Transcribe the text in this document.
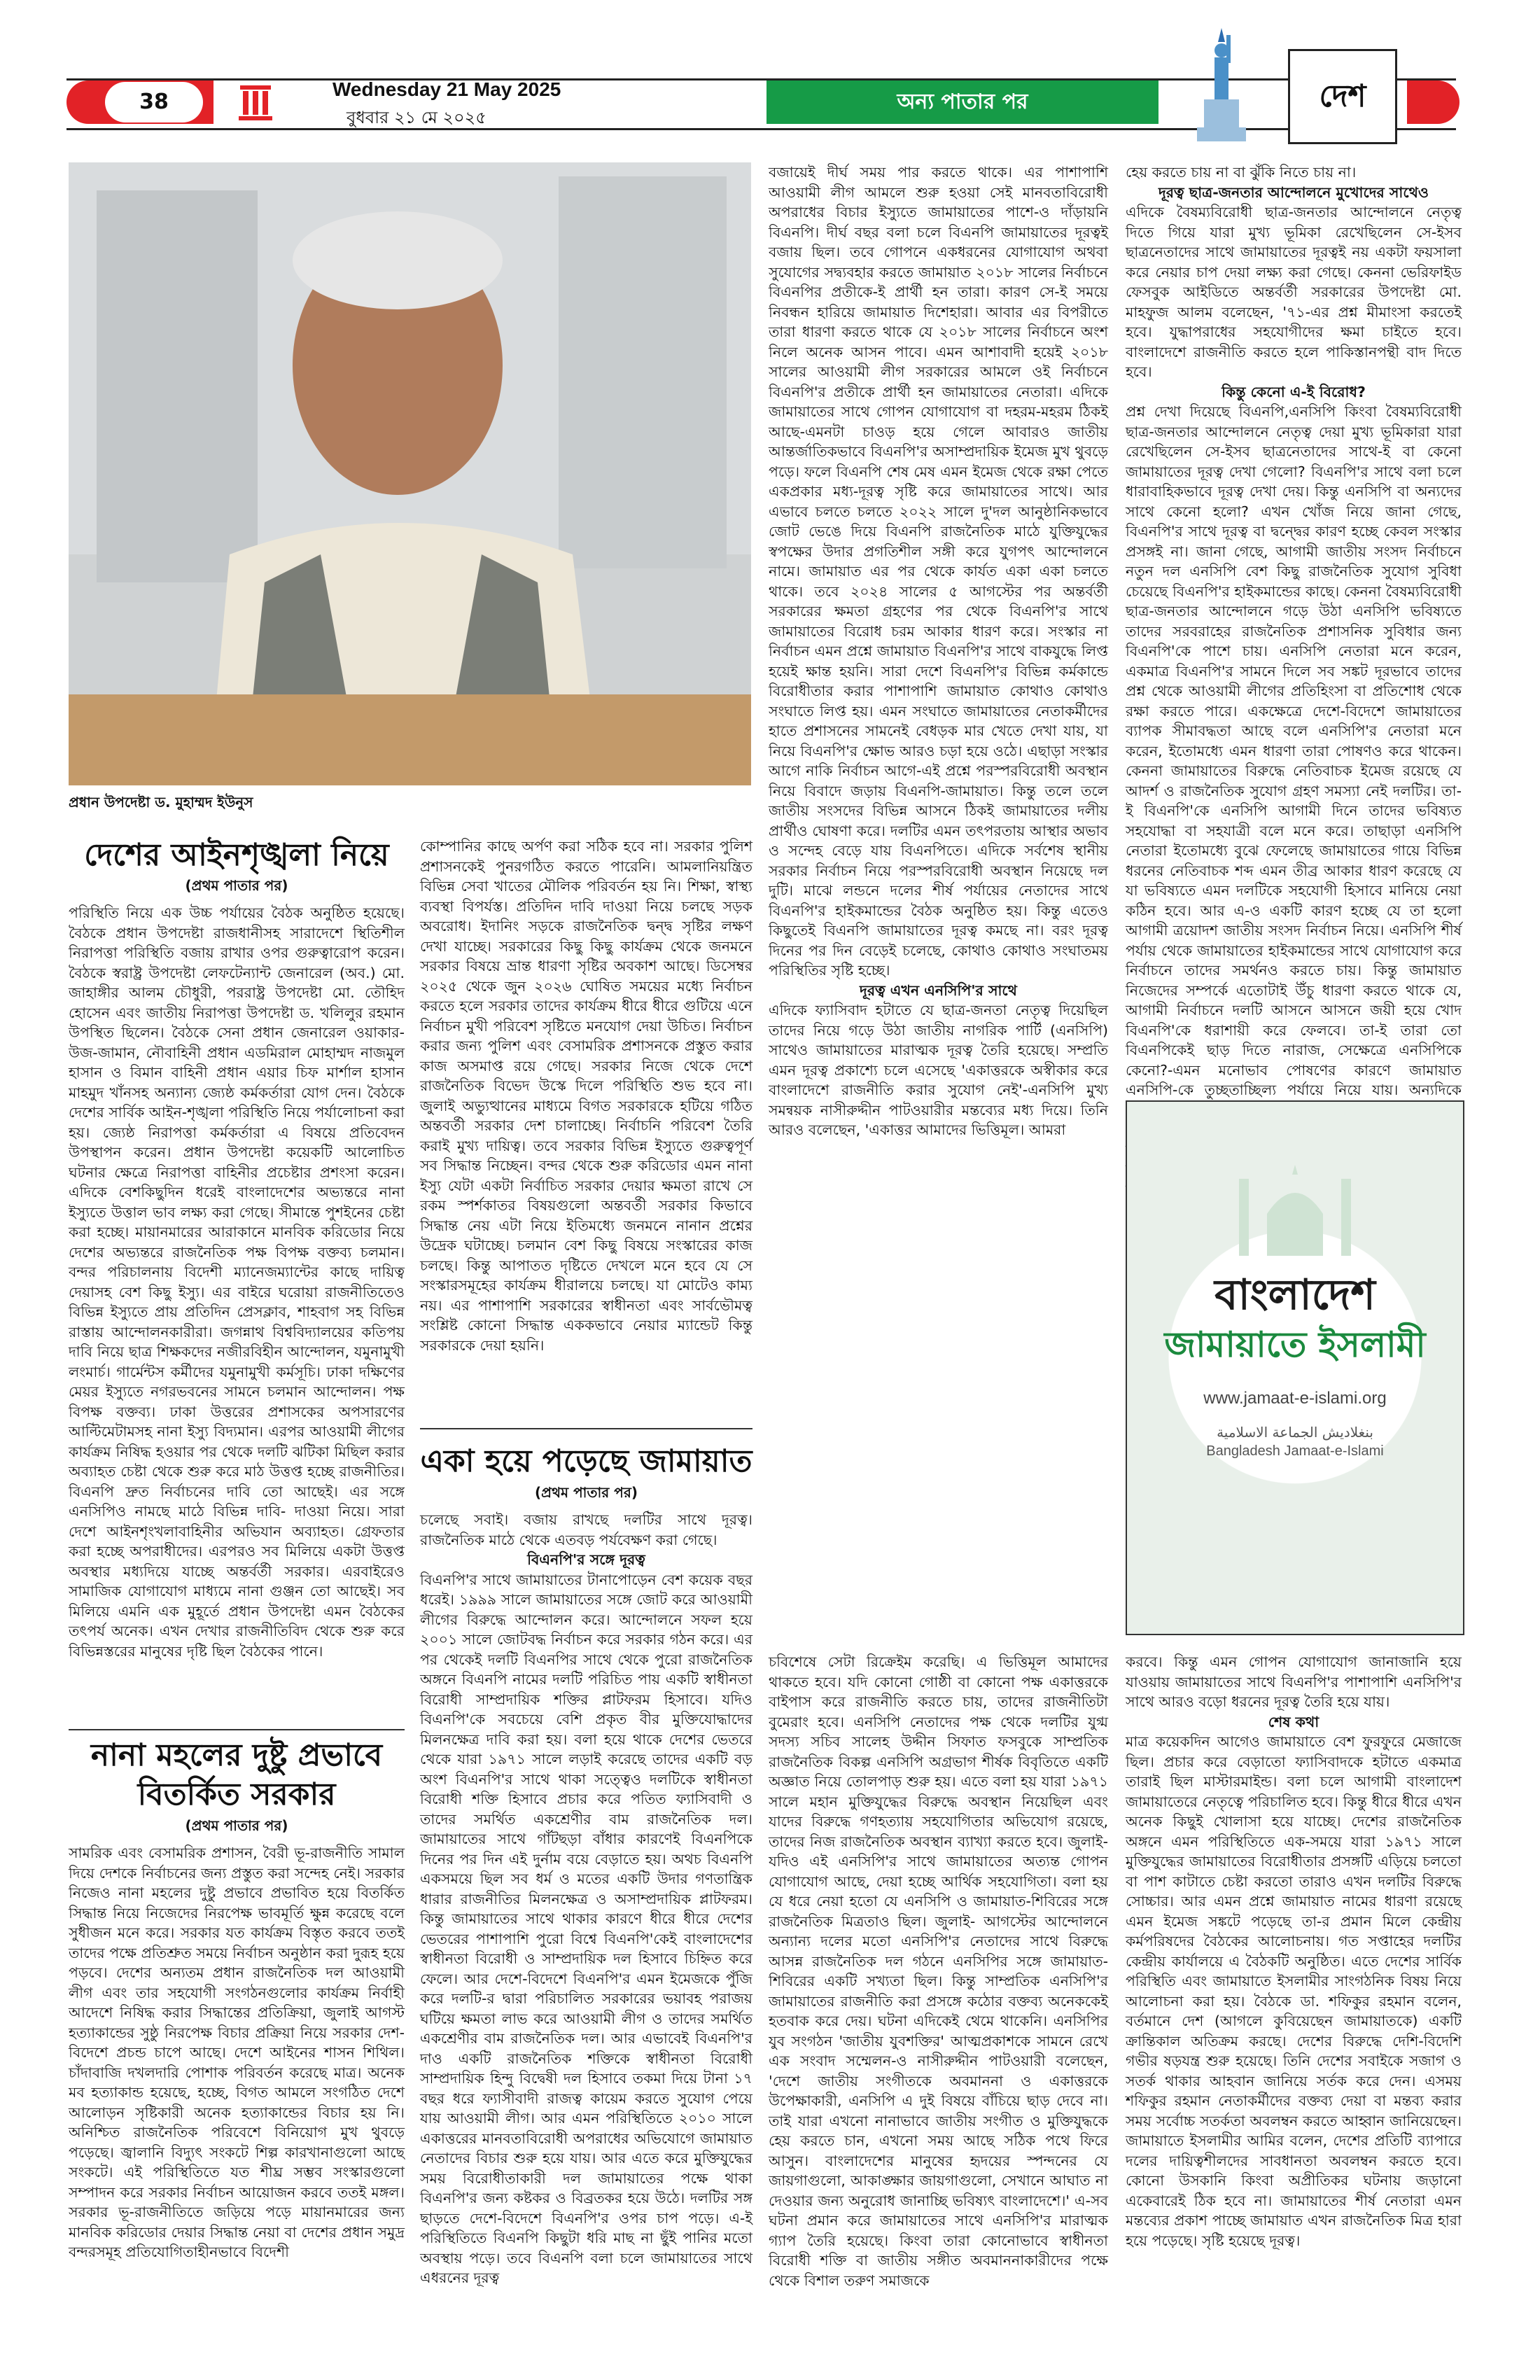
38
Wednesday 21 May 2025
বুধবার ২১ মে ২০২৫
অন্য পাতার পর	দেশ
প্রধান উপদেষ্টা ড. মুহাম্মদ ইউনুস
দেশের আইনশৃঙ্খলা নিয়ে
(প্রথম পাতার পর)

পরিস্থিতি নিয়ে এক উচ্চ পর্যায়ের বৈঠক অনুষ্ঠিত হয়েছে। বৈঠকে প্রধান উপদেষ্টা রাজধানীসহ সারাদেশে স্থিতিশীল নিরাপত্তা পরিস্থিতি বজায় রাখার ওপর গুরুত্বারোপ করেন। বৈঠকে স্বরাষ্ট্র উপদেষ্টা লেফটেন্যান্ট জেনারেল (অব.) মো. জাহাঙ্গীর আলম চৌধুরী, পররাষ্ট্র উপদেষ্টা মো. তৌহিদ হোসেন এবং জাতীয় নিরাপত্তা উপদেষ্টা ড. খলিলুর রহমান উপস্থিত ছিলেন। বৈঠকে সেনা প্রধান জেনারেল ওয়াকার-উজ-জামান, নৌবাহিনী প্রধান এডমিরাল মোহাম্মদ নাজমুল হাসান ও বিমান বাহিনী প্রধান এয়ার চিফ মার্শাল হাসান মাহমুদ খাঁনসহ অন্যান্য জ্যেষ্ঠ কর্মকর্তারা যোগ দেন। বৈঠকে দেশের সার্বিক আইন-শৃঙ্খলা পরিস্থিতি নিয়ে পর্যালোচনা করা হয়। জ্যেষ্ঠ নিরাপত্তা কর্মকর্তারা এ বিষয়ে প্রতিবেদন উপস্থাপন করেন। প্রধান উপদেষ্টা কয়েকটি আলোচিত ঘটনার ক্ষেত্রে নিরাপত্তা বাহিনীর প্রচেষ্টার প্রশংসা করেন। এদিকে বেশকিছুদিন ধরেই বাংলাদেশের অভ্যন্তরে নানা ইস্যুতে উত্তাল ভাব লক্ষ্য করা গেছে। সীমান্তে পুশইনের চেষ্টা করা হচ্ছে। মায়ানমারের আরাকানে মানবিক করিডোর নিয়ে দেশের অভ্যন্তরে রাজনৈতিক পক্ষ বিপক্ষ বক্তব্য চলমান। বন্দর পরিচালনায় বিদেশী ম্যানেজম্যান্টের কাছে দায়িত্ব দেয়াসহ বেশ কিছু ইস্যু। এর বাইরে ঘরোয়া রাজনীতিতেও বিভিন্ন ইস্যুতে প্রায় প্রতিদিন প্রেসক্লাব, শাহবাগ সহ বিভিন্ন রাস্তায় আন্দোলনকারীরা। জগন্নাথ বিশ্ববিদ্যালয়ের কতিপয় দাবি নিয়ে ছাত্র শিক্ষকদের নজীরবিহীন আন্দোলন, যমুনামুখী লংমার্চ। গার্মেন্টস কর্মীদের যমুনামুখী কর্মসূচি। ঢাকা দক্ষিণের মেয়র ইস্যুতে নগরভবনের সামনে চলমান আন্দোলন। পক্ষ বিপক্ষ বক্তব্য। ঢাকা উত্তরের প্রশাসকের অপসারণের আল্টিমেটামসহ নানা ইস্যু বিদ্যমান। এরপর আওয়ামী লীগের কার্যক্রম নিষিদ্ধ হওয়ার পর থেকে দলটি ঝটিকা মিছিল করার অব্যাহত চেষ্টা থেকে শুরু করে মাঠ উত্তপ্ত হচ্ছে রাজনীতির। বিএনপি দ্রুত নির্বাচনের দাবি তো আছেই। এর সঙ্গে এনসিপিও নামছে মাঠে বিভিন্ন দাবি- দাওয়া নিয়ে। সারা দেশে আইনশৃংখলাবাহিনীর অভিযান অব্যাহত। গ্রেফতার করা হচ্ছে অপরাধীদের। এরপরও সব মিলিয়ে একটা উত্তপ্ত অবস্থার মধ্যদিয়ে যাচ্ছে অন্তর্বর্তী সরকার। এরবাইরেও সামাজিক যোগাযোগ মাধ্যমে নানা গুঞ্জন তো আছেই। সব মিলিয়ে এমনি এক মুহূর্তে প্রধান উপদেষ্টা এমন বৈঠকের তৎপর্য অনেক। এখন দেখার রাজনীতিবিদ থেকে শুরু করে বিভিন্নস্তরের মানুষের দৃষ্টি ছিল বৈঠকের পানে।

নানা মহলের দুষ্টু প্রভাবে
বিতর্কিত সরকার
(প্রথম পাতার পর)

সামরিক এবং বেসামরিক প্রশাসন, বৈরী ভূ-রাজনীতি সামাল দিয়ে দেশকে নির্বাচনের জন্য প্রস্তুত করা সন্দেহ নেই। সরকার নিজেও নানা মহলের দুষ্টু প্রভাবে প্রভাবিত হয়ে বিতর্কিত সিদ্ধান্ত নিয়ে নিজেদের নিরপেক্ষ ভাবমূর্তি ক্ষুন্ন করেছে বলে সুধীজন মনে করে। সরকার যত কার্যক্রম বিস্তৃত করবে ততই তাদের পক্ষে প্রতিশ্রুত সময়ে নির্বাচন অনুষ্ঠান করা দুরূহ হয়ে পড়বে। দেশের অন্যতম প্রধান রাজনৈতিক দল আওয়ামী লীগ এবং তার সহযোগী সংগঠনগুলোর কার্যক্রম নির্বাহী আদেশে নিষিদ্ধ করার সিদ্ধান্তের প্রতিক্রিয়া, জুলাই আগস্ট হত্যাকান্ডের সুষ্ঠু নিরপেক্ষ বিচার প্রক্রিয়া নিয়ে সরকার দেশ- বিদেশে প্রচন্ড চাপে আছে। দেশে আইনের শাসন শিথিল। চাঁদাবাজি দখলদারি পোশাক পরিবর্তন করেছে মাত্র। অনেক মব হত্যাকান্ড হয়েছে, হচ্ছে, বিগত আমলে সংগঠিত দেশে আলোড়ন সৃষ্টিকারী অনেক হত্যাকান্ডের বিচার হয় নি। অনিশ্চিত রাজনৈতিক পরিবেশে বিনিয়োগ মুখ থুবড়ে পড়েছে। জ্বালানি বিদ্যুৎ সংকটে শিল্প কারখানাগুলো আছে সংকটে। এই পরিস্থিতিতে যত শীঘ্র সম্ভব সংস্কারগুলো সম্পাদন করে সরকার নির্বাচন আয়োজন করবে ততই মঙ্গল। সরকার ভূ-রাজনীতিতে জড়িয়ে পড়ে মায়ানমারের জন্য মানবিক করিডোর দেয়ার সিদ্ধান্ত নেয়া বা দেশের প্রধান সমুদ্র বন্দরসমূহ প্রতিযোগিতাহীনভাবে বিদেশী

কোম্পানির কাছে অর্পণ করা সঠিক হবে না। সরকার পুলিশ প্রশাসনকেই পুনরগঠিত করতে পারেনি। আমলানিয়ন্ত্রিত বিভিন্ন সেবা খাতের মৌলিক পরিবর্তন হয় নি। শিক্ষা, স্বাস্থ্য ব্যবস্থা বিপর্যস্ত। প্রতিদিন দাবি দাওয়া নিয়ে চলছে সড়ক অবরোধ। ইদানিং সড়কে রাজনৈতিক দ্বন্দ্ব সৃষ্টির লক্ষণ দেখা যাচ্ছে। সরকারের কিছু কিছু কার্যক্রম থেকে জনমনে সরকার বিষয়ে ভ্রান্ত ধারণা সৃষ্টির অবকাশ আছে। ডিসেম্বর ২০২৫ থেকে জুন ২০২৬ ঘোষিত সময়ের মধ্যে নির্বাচন করতে হলে সরকার তাদের কার্যক্রম ধীরে ধীরে গুটিয়ে এনে নির্বাচন মুখী পরিবেশ সৃষ্টিতে মনযোগ দেয়া উচিত। নির্বাচন করার জন্য পুলিশ এবং বেসামরিক প্রশাসনকে প্রস্তুত করার কাজ অসমাপ্ত রয়ে গেছে। সরকার নিজে থেকে দেশে রাজনৈতিক বিভেদ উস্কে দিলে পরিস্থিতি শুভ হবে না। জুলাই অভ্যুত্থানের মাধ্যমে বিগত সরকারকে হটিয়ে গঠিত অন্তবর্তী সরকার দেশ চালাচ্ছে। নির্বাচনি পরিবেশ তৈরি করাই মুখ্য দায়িত্ব। তবে সরকার বিভিন্ন ইস্যুতে গুরুত্বপূর্ণ সব সিদ্ধান্ত নিচ্ছেন। বন্দর থেকে শুরু করিডোর এমন নানা ইস্যু যেটা একটা নির্বাচিত সরকার দেয়ার ক্ষমতা রাখে সে রকম স্পর্শকাতর বিষয়গুলো অন্তবর্তী সরকার কিভাবে সিদ্ধান্ত নেয় এটা নিয়ে ইতিমধ্যে জনমনে নানান প্রশ্নের উদ্রেক ঘটাচ্ছে। চলমান বেশ কিছু বিষয়ে সংস্কারের কাজ চলছে। কিন্তু আপাতত দৃষ্টিতে দেখলে মনে হবে যে সে সংস্কারসমূহের কার্যক্রম ধীরালয়ে চলছে। যা মোটেও কাম্য নয়। এর পাশাপাশি সরকারের স্বাধীনতা এবং সার্বভৌমত্ব সংশ্লিষ্ট কোনো সিদ্ধান্ত এককভাবে নেয়ার ম্যান্ডেট কিন্তু সরকারকে দেয়া হয়নি।

একা হয়ে পড়েছে জামায়াত
(প্রথম পাতার পর)

চলেছে সবাই। বজায় রাখছে দলটির সাথে দূরত্ব। রাজনৈতিক মাঠে থেকে এতবড় পর্যবেক্ষণ করা গেছে।

বিএনপি'র সঙ্গে দূরত্ব

বিএনপি'র সাথে জামায়াতের টানাপোড়েন বেশ কয়েক বছর ধরেই। ১৯৯৯ সালে জামায়াতের সঙ্গে জোট করে আওয়ামী লীগের বিরুদ্ধে আন্দোলন করে। আন্দোলনে সফল হয়ে ২০০১ সালে জোটবদ্ধ নির্বাচন করে সরকার গঠন করে। এর পর থেকেই দলটি বিএনপির সাথে থেকে পুরো রাজনৈতিক অঙ্গনে বিএনপি নামের দলটি পরিচিত পায় একটি স্বাধীনতা বিরোধী সাম্প্রদায়িক শক্তির প্লাটফরম হিসাবে। যদিও বিএনপি'কে সবচেয়ে বেশি প্রকৃত বীর মুক্তিযোদ্ধাদের মিলনক্ষেত্র দাবি করা হয়। বলা হয়ে থাকে দেশের ভেতরে থেকে যারা ১৯৭১ সালে লড়াই করেছে তাদের একটি বড় অংশ বিএনপি'র সাথে থাকা সত্ত্বেও দলটিকে স্বাধীনতা বিরোধী শক্তি হিসাবে প্রচার করে পতিত ফ্যাসিবাদী ও তাদের সমর্থিত একশ্রেণীর বাম রাজনৈতিক দল। জামায়াতের সাথে গাঁটছড়া বাঁধার কারণেই বিএনপিকে দিনের পর দিন এই দুর্নাম বয়ে বেড়াতে হয়। অথচ বিএনপি একসময়ে ছিল সব ধর্ম ও মতের একটি উদার গণতান্ত্রিক ধারার রাজনীতির মিলনক্ষেত্র ও অসাম্প্রদায়িক প্লাটফরম। কিন্তু জামায়াতের সাথে থাকার কারণে ধীরে ধীরে দেশের ভেতরের পাশাপাশি পুরো বিশ্বে বিএনপি'কেই বাংলাদেশের স্বাধীনতা বিরোধী ও সাম্প্রদায়িক দল হিসাবে চিহ্নিত করে ফেলে। আর দেশে-বিদেশে বিএনপি'র এমন ইমেজকে পুঁজি করে দলটি-র দ্বারা পরিচালিত সরকারের ভয়াবহ পরাজয় ঘটিয়ে ক্ষমতা লাভ করে আওয়ামী লীগ ও তাদের সমর্থিত একশ্রেণীর বাম রাজনৈতিক দল। আর এভাবেই বিএনপি'র দাও একটি রাজনৈতিক শক্তিকে স্বাধীনতা বিরোধী সাম্প্রদায়িক হিন্দু বিদ্বেষী দল হিসাবে তকমা দিয়ে টানা ১৭ বছর ধরে ফ্যাসীবাদী রাজত্ব কায়েম করতে সুযোগ পেয়ে যায় আওয়ামী লীগ। আর এমন পরিস্থিতিতে ২০১০ সালে একাত্তরের মানবতাবিরোধী অপরাধের অভিযোগে জামায়াত নেতাদের বিচার শুরু হয়ে যায়। আর এতে করে মুক্তিযুদ্ধের সময় বিরোধীতাকারী দল জামায়াতের পক্ষে থাকা বিএনপি'র জন্য কষ্টকর ও বিব্রতকর হয়ে উঠে। দলটির সঙ্গ ছাড়তে দেশে-বিদেশে বিএনপি'র ওপর চাপ পড়ে। এ-ই পরিস্থিতিতে বিএনপি কিছুটা ধরি মাছ না ছুঁই পানির মতো অবস্থায় পড়ে। তবে বিএনপি বলা চলে জামায়াতের সাথে এধরনের দূরত্ব

বজায়েই দীর্ঘ সময় পার করতে থাকে। এর পাশাপাশি আওয়ামী লীগ আমলে শুরু হওয়া সেই মানবতাবিরোধী অপরাধের বিচার ইস্যুতে জামায়াতের পাশে-ও দাঁড়ায়নি বিএনপি। দীর্ঘ বছর বলা চলে বিএনপি জামায়াতের দূরত্বই বজায় ছিল। তবে গোপনে একধরনের যোগাযোগ অথবা সুযোগের সদ্ব্যবহার করতে জামায়াত ২০১৮ সালের নির্বাচনে বিএনপির প্রতীকে-ই প্রার্থী হন তারা। কারণ সে-ই সময়ে নিবন্ধন হারিয়ে জামায়াত দিশেহারা। আবার এর বিপরীতে তারা ধারণা করতে থাকে যে ২০১৮ সালের নির্বাচনে অংশ নিলে অনেক আসন পাবে। এমন আশাবাদী হয়েই ২০১৮ সালের আওয়ামী লীগ সরকারের আমলে ওই নির্বাচনে বিএনপি'র প্রতীকে প্রার্থী হন জামায়াতের নেতারা। এদিকে জামায়াতের সাথে গোপন যোগাযোগ বা দহরম-মহরম ঠিকই আছে-এমনটা চাওড় হয়ে গেলে আবারও জাতীয় আন্তর্জাতিকভাবে বিএনপি'র অসাম্প্রদায়িক ইমেজ মুখ থুবড়ে পড়ে। ফলে বিএনপি শেষ মেষ এমন ইমেজ থেকে রক্ষা পেতে একপ্রকার মধ্য-দূরত্ব সৃষ্টি করে জামায়াতের সাথে। আর এভাবে চলতে চলতে ২০২২ সালে দু'দল আনুষ্ঠানিকভাবে জোট ভেঙে দিয়ে বিএনপি রাজনৈতিক মাঠে যুক্তিযুদ্ধের স্বপক্ষের উদার প্রগতিশীল সঙ্গী করে যুগপৎ আন্দোলনে নামে। জামায়াত এর পর থেকে কার্যত একা একা চলতে থাকে। তবে ২০২৪ সালের ৫ আগস্টের পর অন্তর্বর্তী সরকারের ক্ষমতা গ্রহণের পর থেকে বিএনপি'র সাথে জামায়াতের বিরোধ চরম আকার ধারণ করে। সংস্কার না নির্বাচন এমন প্রশ্নে জামায়াত বিএনপি'র সাথে বাকযুদ্ধে লিপ্ত হয়েই ক্ষান্ত হয়নি। সারা দেশে বিএনপি'র বিভিন্ন কর্মকান্ডে বিরোধীতার করার পাশাপাশি জামায়াত কোথাও কোথাও সংঘাতে লিপ্ত হয়। এমন সংঘাতে জামায়াতের নেতাকর্মীদের হাতে প্রশাসনের সামনেই বেধড়ক মার খেতে দেখা যায়, যা নিয়ে বিএনপি'র ক্ষোভ আরও চড়া হয়ে ওঠে। এছাড়া সংস্কার আগে নাকি নির্বাচন আগে-এই প্রশ্নে পরস্পরবিরোধী অবস্থান নিয়ে বিবাদে জড়ায় বিএনপি-জামায়াত। কিন্তু তলে তলে জাতীয় সংসদের বিভিন্ন আসনে ঠিকই জামায়াতের দলীয় প্রার্থীও ঘোষণা করে। দলটির এমন তৎপরতায় আস্থার অভাব ও সন্দেহ বেড়ে যায় বিএনপিতে। এদিকে সর্বশেষ স্থানীয় সরকার নির্বাচন নিয়ে পরস্পরবিরোধী অবস্থান নিয়েছে দল দুটি। মাঝে লন্ডনে দলের শীর্ষ পর্যায়ের নেতাদের সাথে বিএনপি'র হাইকমান্ডের বৈঠক অনুষ্ঠিত হয়। কিন্তু এতেও কিছুতেই বিএনপি জামায়াতের দূরত্ব কমছে না। বরং দূরত্ব দিনের পর দিন বেড়েই চলেছে, কোথাও কোথাও সংঘাতময় পরিস্থিতির সৃষ্টি হচ্ছে।

দূরত্ব এখন এনসিপি'র সাথে

এদিকে ফ্যাসিবাদ হটাতে যে ছাত্র-জনতা নেতৃত্ব দিয়েছিল তাদের নিয়ে গড়ে উঠা জাতীয় নাগরিক পার্টি (এনসিপি) সাথেও জামায়াতের মারাত্মক দূরত্ব তৈরি হয়েছে। সম্প্রতি এমন দূরত্ব প্রকাশ্যে চলে এসেছে 'একাত্তরকে অস্বীকার করে বাংলাদেশে রাজনীতি করার সুযোগ নেই'-এনসিপি মুখ্য সমন্বয়ক নাসীরুদ্দীন পাটওয়ারীর মন্তব্যের মধ্য দিয়ে। তিনি আরও বলেছেন, 'একাত্তর আমাদের ভিত্তিমূল। আমরা

হেয় করতে চায় না বা ঝুঁকি নিতে চায় না।

দূরত্ব ছাত্র-জনতার আন্দোলনে মুখোদের সাথেও

এদিকে বৈষম্যবিরোধী ছাত্র-জনতার আন্দোলনে নেতৃত্ব দিতে গিয়ে যারা মুখ্য ভূমিকা রেখেছিলেন সে-ইসব ছাত্রনেতাদের সাথে জামায়াতের দূরত্বই নয় একটা ফয়সালা করে নেয়ার চাপ দেয়া লক্ষ্য করা গেছে। কেননা ভেরিফাইড ফেসবুক আইডিতে অন্তর্বর্তী সরকারের উপদেষ্টা মো. মাহফুজ আলম বলেছেন, '৭১-এর প্রশ্ন মীমাংসা করতেই হবে। যুদ্ধাপরাধের সহযোগীদের ক্ষমা চাইতে হবে। বাংলাদেশে রাজনীতি করতে হলে পাকিস্তানপন্থী বাদ দিতে হবে।

কিন্তু কেনো এ-ই বিরোধ?

প্রশ্ন দেখা দিয়েছে বিএনপি,এনসিপি কিংবা বৈষম্যবিরোধী ছাত্র-জনতার আন্দোলনে নেতৃত্ব দেয়া মুখ্য ভূমিকারা যারা রেখেছিলেন সে-ইসব ছাত্রনেতাদের সাথে-ই বা কেনো জামায়াতের দূরত্ব দেখা গেলো? বিএনপি'র সাথে বলা চলে ধারাবাহিকভাবে দূরত্ব দেখা দেয়। কিন্তু এনসিপি বা অন্যদের সাথে কেনো হলো? এখন খোঁজ নিয়ে জানা গেছে, বিএনপি'র সাথে দূরত্ব বা দ্বন্দ্বের কারণ হচ্ছে কেবল সংস্কার প্রসঙ্গই না। জানা গেছে, আগামী জাতীয় সংসদ নির্বাচনে নতুন দল এনসিপি বেশ কিছু রাজনৈতিক সুযোগ সুবিধা চেয়েছে বিএনপি'র হাইকমান্ডের কাছে। কেননা বৈষম্যবিরোধী ছাত্র-জনতার আন্দোলনে গড়ে উঠা এনসিপি ভবিষ্যতে তাদের সরবরাহের রাজনৈতিক প্রশাসনিক সুবিধার জন্য বিএনপি'কে পাশে চায়। এনসিপি নেতারা মনে করেন, একমাত্র বিএনপি'র সামনে দিলে সব সঙ্কট দূরভাবে তাদের প্রশ্ন থেকে আওয়ামী লীগের প্রতিহিংসা বা প্রতিশোধ থেকে রক্ষা করতে পারে। একক্ষেত্রে দেশে-বিদেশে জামায়াতের ব্যাপক সীমাবদ্ধতা আছে বলে এনসিপি'র নেতারা মনে করেন, ইতোমধ্যে এমন ধারণা তারা পোষণও করে থাকেন। কেননা জামায়াতের বিরুদ্ধে নেতিবাচক ইমেজ রয়েছে যে আদর্শ ও রাজনৈতিক সুযোগ গ্রহণ সমস্যা নেই দলটির। তা-ই বিএনপি'কে এনসিপি আগামী দিনে তাদের ভবিষ্যত সহযোদ্ধা বা সহযাত্রী বলে মনে করে। তাছাড়া এনসিপি নেতারা ইতোমধ্যে বুঝে ফেলেছে জামায়াতের গায়ে বিভিন্ন ধরনের নেতিবাচক শব্দ এমন তীব্র আকার ধারণ করেছে যে যা ভবিষ্যতে এমন দলটিকে সহযোগী হিসাবে মানিয়ে নেয়া কঠিন হবে। আর এ-ও একটি কারণ হচ্ছে যে তা হলো আগামী ত্রয়োদশ জাতীয় সংসদ নির্বাচন নিয়ে। এনসিপি শীর্ষ পর্যায় থেকে জামায়াতের হাইকমান্ডের সাথে যোগাযোগ করে নির্বাচনে তাদের সমর্থনও করতে চায়। কিন্তু জামায়াত নিজেদের সম্পর্কে এতোটাই উঁচু ধারণা করতে থাকে যে, আগামী নির্বাচনে দলটি আসনে আসনে জয়ী হয়ে খোদ বিএনপি'কে ধরাশায়ী করে ফেলবে। তা-ই তারা তো বিএনপিকেই ছাড় দিতে নারাজ, সেক্ষেত্রে এনসিপিকে কেনো?-এমন মনোভাব পোষণের কারণে জামায়াত এনসিপি-কে তুচ্ছতাচ্ছিল্য পর্যায়ে নিয়ে যায়। অন্যদিকে

বাংলাদেশ
জামায়াতে ইসলামী
www.jamaat-e-islami.org
بنغلاديش الجماعة الاسلامية
Bangladesh Jamaat-e-Islami

চবিশেষে সেটা রিক্রেইম করেছি। এ ভিত্তিমূল আমাদের থাকতে হবে। যদি কোনো গোষ্ঠী বা কোনো পক্ষ একাত্তরকে বাইপাস করে রাজনীতি করতে চায়, তাদের রাজনীতিটা বুমেরাং হবে। এনসিপি নেতাদের পক্ষ থেকে দলটির যুগ্ম সদস্য সচিব সালেহ উদ্দীন সিফাত ফসবুকে সাম্প্রতিক রাজনৈতিক বিকল্প এনসিপি অগ্রভাগ শীর্ষক বিবৃতিতে একটি অজ্ঞাত নিয়ে তোলপাড় শুরু হয়। এতে বলা হয় যারা ১৯৭১ সালে মহান মুক্তিযুদ্ধের বিরুদ্ধে অবস্থান নিয়েছিল এবং যাদের বিরুদ্ধে গণহত্যায় সহযোগিতার অভিযোগ রয়েছে, তাদের নিজ রাজনৈতিক অবস্থান ব্যাখ্যা করতে হবে। জুলাই- যদিও এই এনসিপি'র সাথে জামায়াতের অত্যন্ত গোপন যোগাযোগ আছে, দেয়া হচ্ছে আর্থিক সহযোগিতা। বলা হয় যে ধরে নেয়া হতো যে এনসিপি ও জামায়াত-শিবিরের সঙ্গে রাজনৈতিক মিত্রতাও ছিল। জুলাই- আগস্টের আন্দোলনে অন্যান্য দলের মতো এনসিপি'র নেতাদের সাথে বিরুদ্ধে আসন্ন রাজনৈতিক দল গঠনে এনসিপির সঙ্গে জামায়াত-শিবিরের একটি সখ্যতা ছিল। কিন্তু সাম্প্রতিক এনসিপি'র জামায়াতের রাজনীতি করা প্রসঙ্গে কঠোর বক্তব্য অনেককেই হতবাক করে দেয়। ঘটনা এদিকেই থেমে থাকেনি। এনসিপির যুব সংগঠন 'জাতীয় যুবশক্তির' আত্মপ্রকাশকে সামনে রেখে এক সংবাদ সম্মেলন-ও নাসীরুদ্দীন পাটওয়ারী বলেছেন, 'দেশে জাতীয় সংগীতকে অবমাননা ও একাত্তরকে উপেক্ষাকারী, এনসিপি এ দুই বিষয়ে বাঁচিয়ে ছাড় দেবে না। তাই যারা এখনো নানাভাবে জাতীয় সংগীত ও মুক্তিযুদ্ধকে হেয় করতে চান, এখনো সময় আছে সঠিক পথে ফিরে আসুন। বাংলাদেশের মানুষের হৃদয়ের স্পন্দনের যে জায়গাগুলো, আকাঙ্ক্ষার জায়গাগুলো, সেখানে আঘাত না দেওয়ার জন্য অনুরোধ জানাচ্ছি ভবিষ্যৎ বাংলাদেশে।' এ-সব ঘটনা প্রমান করে জামায়াতের সাথে এনসিপি'র মারাত্মক গ্যাপ তৈরি হয়েছে। কিংবা তারা কোনোভাবে স্বাধীনতা বিরোধী শক্তি বা জাতীয় সঙ্গীত অবমাননাকারীদের পক্ষে থেকে বিশাল তরুণ সমাজকে

করবে। কিন্তু এমন গোপন যোগাযোগ জানাজানি হয়ে যাওয়ায় জামায়াতের সাথে বিএনপি'র পাশাপাশি এনসিপি'র সাথে আরও বড়ো ধরনের দূরত্ব তৈরি হয়ে যায়।

শেষ কথা

মাত্র কয়েকদিন আগেও জামায়াতে বেশ ফুরফুরে মেজাজে ছিল। প্রচার করে বেড়াতো ফ্যাসিবাদকে হটাতে একমাত্র তারাই ছিল মাস্টারমাইন্ড। বলা চলে আগামী বাংলাদেশ জামায়াতেরে নেতৃত্বে পরিচালিত হবে। কিন্তু ধীরে ধীরে এখন অনেক কিছুই খোলাসা হয়ে যাচ্ছে। দেশের রাজনৈতিক অঙ্গনে এমন পরিস্থিতিতে এক-সময়ে যারা ১৯৭১ সালে মুক্তিযুদ্ধের জামায়াতের বিরোধীতার প্রসঙ্গটি এড়িয়ে চলতো বা পাশ কাটাতে চেষ্টা করতো তারাও এখন দলটির বিরুদ্ধে সোচ্চার। আর এমন প্রশ্নে জামায়াত নামের ধারণা রয়েছে এমন ইমেজ সঙ্কটে পড়েছে তা-র প্রমান মিলে কেন্দ্রীয় কর্মপরিষদের বৈঠকের আলোচনায়। গত সপ্তাহের দলটির কেন্দ্রীয় কার্যালয়ে এ বৈঠকটি অনুষ্ঠিত। এতে দেশের সার্বিক পরিস্থিতি এবং জামায়াতে ইসলামীর সাংগঠনিক বিষয় নিয়ে আলোচনা করা হয়। বৈঠকে ডা. শফিকুর রহমান বলেন, বর্তমানে দেশ (আগলে কুবিয়েছেন জামায়াতকে) একটি ক্রান্তিকাল অতিক্রম করছে। দেশের বিরুদ্ধে দেশি-বিদেশি গভীর ষড়যন্ত্র শুরু হয়েছে। তিনি দেশের সবাইকে সজাগ ও সতর্ক থাকার আহবান জানিয়ে সর্তক করে দেন। এসময় শফিকুর রহমান নেতাকর্মীদের বক্তব্য দেয়া বা মন্তব্য করার সময় সর্বোচ্চ সতর্কতা অবলম্বন করতে আহ্বান জানিয়েছেন। জামায়াতে ইসলামীর আমির বলেন, দেশের প্রতিটি ব্যাপারে দলের দায়িত্বশীলদের সাবধানতা অবলম্বন করতে হবে। কোনো উসকানি কিংবা অপ্রীতিকর ঘটনায় জড়ানো একেবারেই ঠিক হবে না। জামায়াতের শীর্ষ নেতারা এমন মন্তব্যের প্রকাশ পাচ্ছে জামায়াত এখন রাজনৈতিক মিত্র হারা হয়ে পড়েছে। সৃষ্টি হয়েছে দূরত্ব।
